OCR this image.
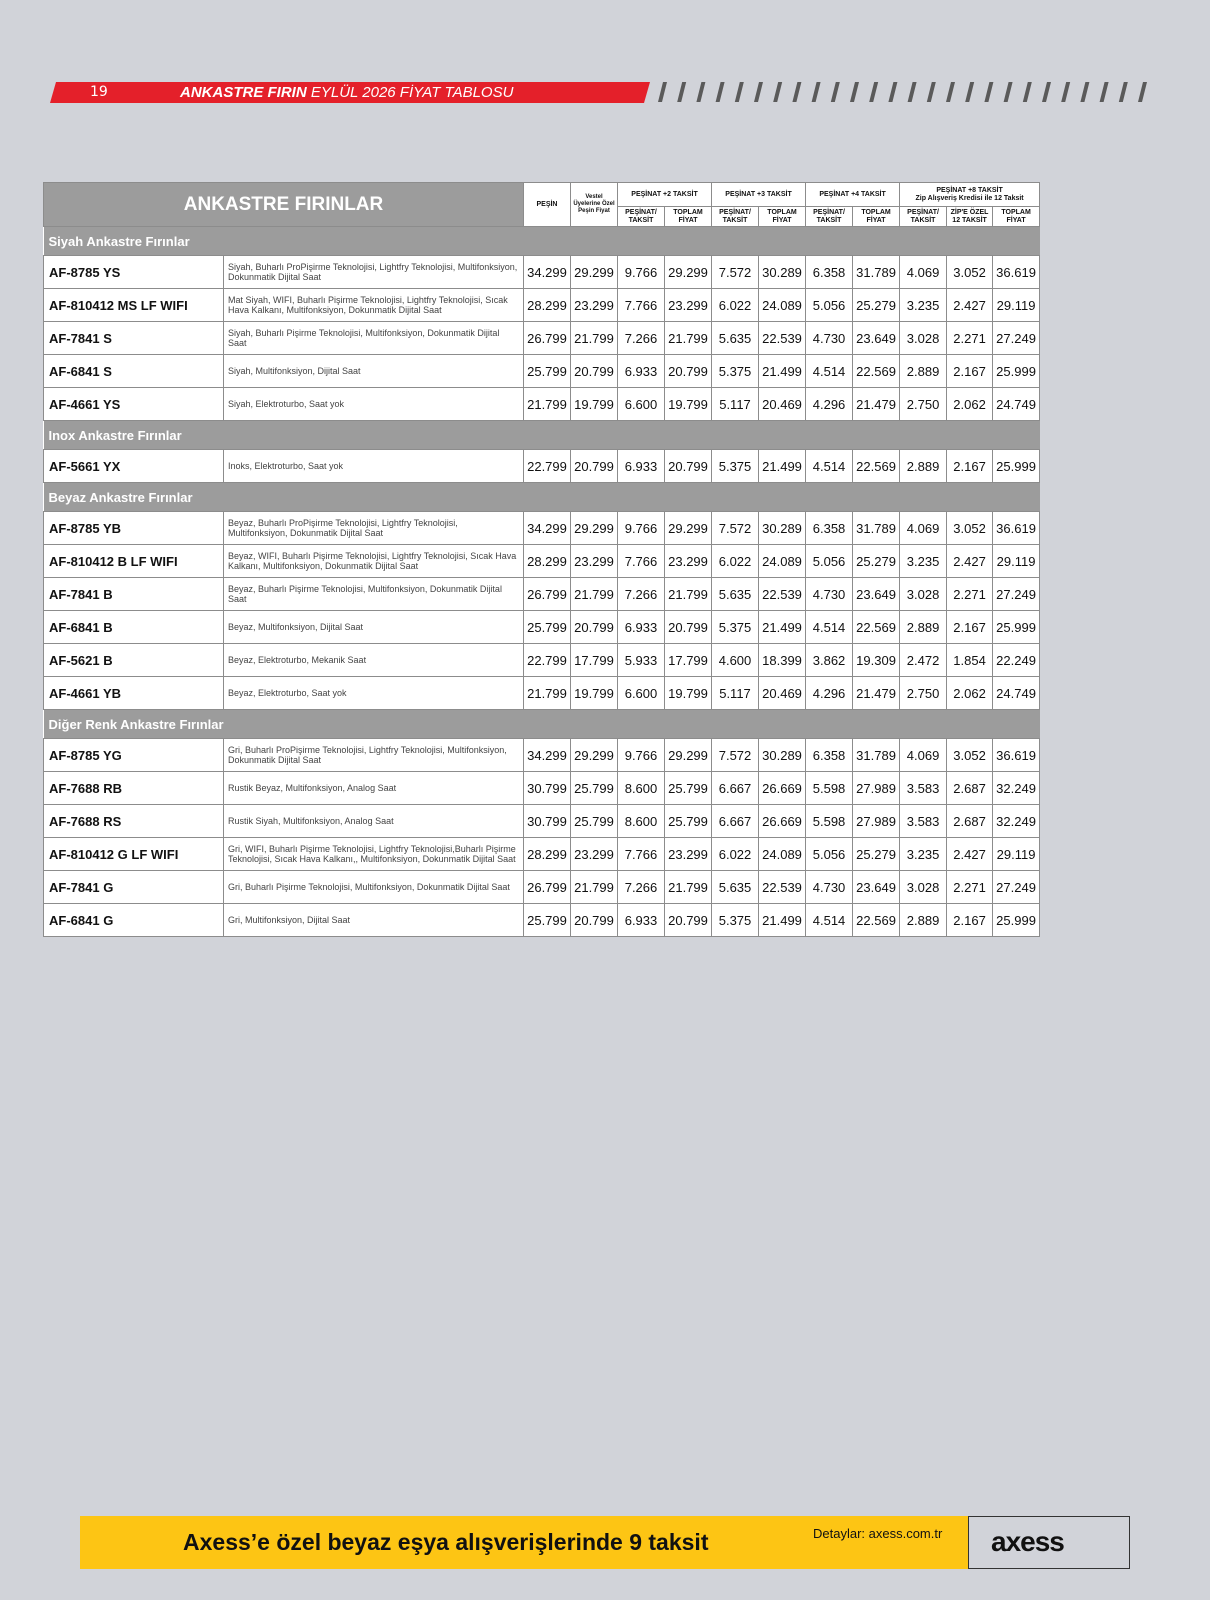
19	ANKASTRE FIRIN EYLÜL 2026 FİYAT TABLOSU
ANKASTRE FIRINLAR		PEŞİN	Vestel Üyelerine Özel Peşin Fiyat	PEŞİNAT +2 TAKSİT		PEŞİNAT +3 TAKSİT		PEŞİNAT +4 TAKSİT		PEŞİNAT +8 TAKSİT
Zip Alışveriş Kredisi ile 12 Taksit		

				PEŞİNAT/ TAKSİT	TOPLAM FİYAT	PEŞİNAT/ TAKSİT	TOPLAM FİYAT	PEŞİNAT/ TAKSİT	TOPLAM FİYAT	PEŞİNAT/ TAKSİT	ZİP'E ÖZEL 12 TAKSİT	TOPLAM FİYAT
Siyah Ankastre Fırınlar												
AF-8785 YS	Siyah, Buharlı ProPişirme Teknolojisi, Lightfry Teknolojisi, Multifonksiyon, Dokunmatik Dijital Saat	34.299	29.299	9.766	29.299	7.572	30.289	6.358	31.789	4.069	3.052	36.619
AF-810412 MS LF WIFI	Mat Siyah, WIFI, Buharlı Pişirme Teknolojisi, Lightfry Teknolojisi, Sıcak Hava Kalkanı, Multifonksiyon, Dokunmatik Dijital Saat	28.299	23.299	7.766	23.299	6.022	24.089	5.056	25.279	3.235	2.427	29.119
AF-7841 S	Siyah, Buharlı Pişirme Teknolojisi, Multifonksiyon, Dokunmatik Dijital Saat	26.799	21.799	7.266	21.799	5.635	22.539	4.730	23.649	3.028	2.271	27.249
AF-6841 S	Siyah, Multifonksiyon, Dijital Saat	25.799	20.799	6.933	20.799	5.375	21.499	4.514	22.569	2.889	2.167	25.999
AF-4661 YS	Siyah, Elektroturbo, Saat yok	21.799	19.799	6.600	19.799	5.117	20.469	4.296	21.479	2.750	2.062	24.749
Inox Ankastre Fırınlar												
AF-5661 YX	Inoks, Elektroturbo, Saat yok	22.799	20.799	6.933	20.799	5.375	21.499	4.514	22.569	2.889	2.167	25.999
Beyaz Ankastre Fırınlar												
AF-8785 YB	Beyaz, Buharlı ProPişirme Teknolojisi, Lightfry Teknolojisi, Multifonksiyon, Dokunmatik Dijital Saat	34.299	29.299	9.766	29.299	7.572	30.289	6.358	31.789	4.069	3.052	36.619
AF-810412 B LF WIFI	Beyaz, WIFI, Buharlı Pişirme Teknolojisi, Lightfry Teknolojisi, Sıcak Hava Kalkanı, Multifonksiyon, Dokunmatik Dijital Saat	28.299	23.299	7.766	23.299	6.022	24.089	5.056	25.279	3.235	2.427	29.119
AF-7841 B	Beyaz, Buharlı Pişirme Teknolojisi, Multifonksiyon, Dokunmatik Dijital Saat	26.799	21.799	7.266	21.799	5.635	22.539	4.730	23.649	3.028	2.271	27.249
AF-6841 B	Beyaz, Multifonksiyon, Dijital Saat	25.799	20.799	6.933	20.799	5.375	21.499	4.514	22.569	2.889	2.167	25.999
AF-5621 B	Beyaz, Elektroturbo, Mekanik Saat	22.799	17.799	5.933	17.799	4.600	18.399	3.862	19.309	2.472	1.854	22.249
AF-4661 YB	Beyaz, Elektroturbo, Saat yok	21.799	19.799	6.600	19.799	5.117	20.469	4.296	21.479	2.750	2.062	24.749
Diğer Renk Ankastre Fırınlar												
AF-8785 YG	Gri, Buharlı ProPişirme Teknolojisi, Lightfry Teknolojisi, Multifonksiyon, Dokunmatik Dijital Saat	34.299	29.299	9.766	29.299	7.572	30.289	6.358	31.789	4.069	3.052	36.619
AF-7688 RB	Rustik Beyaz, Multifonksiyon, Analog Saat	30.799	25.799	8.600	25.799	6.667	26.669	5.598	27.989	3.583	2.687	32.249
AF-7688 RS	Rustik Siyah, Multifonksiyon, Analog Saat	30.799	25.799	8.600	25.799	6.667	26.669	5.598	27.989	3.583	2.687	32.249
AF-810412 G LF WIFI	Gri, WIFI, Buharlı Pişirme Teknolojisi, Lightfry Teknolojisi,Buharlı Pişirme Teknolojisi, Sıcak Hava Kalkanı,, Multifonksiyon, Dokunmatik Dijital Saat	28.299	23.299	7.766	23.299	6.022	24.089	5.056	25.279	3.235	2.427	29.119
AF-7841 G	Gri, Buharlı Pişirme Teknolojisi, Multifonksiyon, Dokunmatik Dijital Saat	26.799	21.799	7.266	21.799	5.635	22.539	4.730	23.649	3.028	2.271	27.249
AF-6841 G	Gri, Multifonksiyon, Dijital Saat	25.799	20.799	6.933	20.799	5.375	21.499	4.514	22.569	2.889	2.167	25.999
Axess’e özel beyaz eşya alışverişlerinde 9 taksit	Detaylar: axess.com.tr axess
